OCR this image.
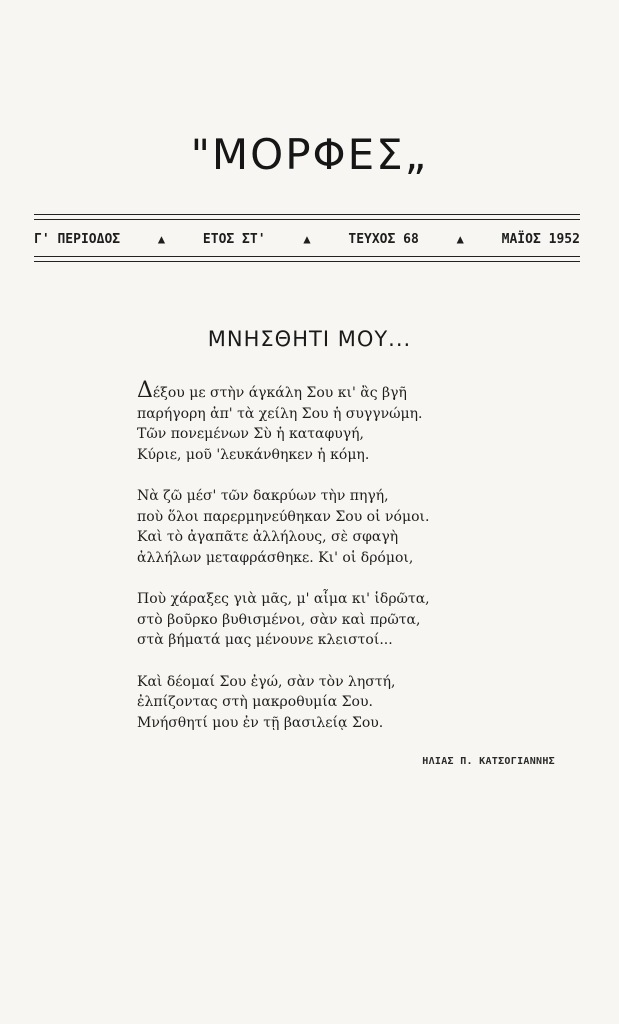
"ΜΟΡΦΕΣ„
Γ' ΠΕΡΙΟΔΟΣ	▲	ΕΤΟΣ ΣΤ'	▲	ΤΕΥΧΟΣ 68	▲	ΜΑΪΟΣ 1952
ΜΝΗΣΘΗΤΙ ΜΟΥ...
Δέξου με στὴν άγκάλη Σου κι' ἂς βγῆ
παρήγορη ἀπ' τὰ χείλη Σου ἡ συγγνώμη.
Τῶν πονεμένων Σὺ ἡ καταφυγή,
Κύριε, μοῦ 'λευκάνθηκεν ἡ κόμη.
Νὰ ζῶ μέσ' τῶν δακρύων τὴν πηγή,
ποὺ ὅλοι παρερμηνεύθηκαν Σου οἱ νόμοι.
Καὶ τὸ ἀγαπᾶτε ἀλλήλους, σὲ σφαγὴ
ἀλλήλων μεταφράσθηκε. Κι' οἱ δρόμοι,
Ποὺ χάραξες γιὰ μᾶς, μ' αἷμα κι' ἱδρῶτα,
στὸ βοῦρκο βυθισμένοι, σὰν καὶ πρῶτα,
στὰ βήματά μας μένουνε κλειστοί...
Καὶ δέομαί Σου ἐγώ, σὰν τὸν ληστή,
ἐλπίζοντας στὴ μακροθυμία Σου.
Μνήσθητί μου ἐν τῇ βασιλείᾳ Σου.
ΗΛΙΑΣ Π. ΚΑΤΣΟΓΙΑΝΝΗΣ
